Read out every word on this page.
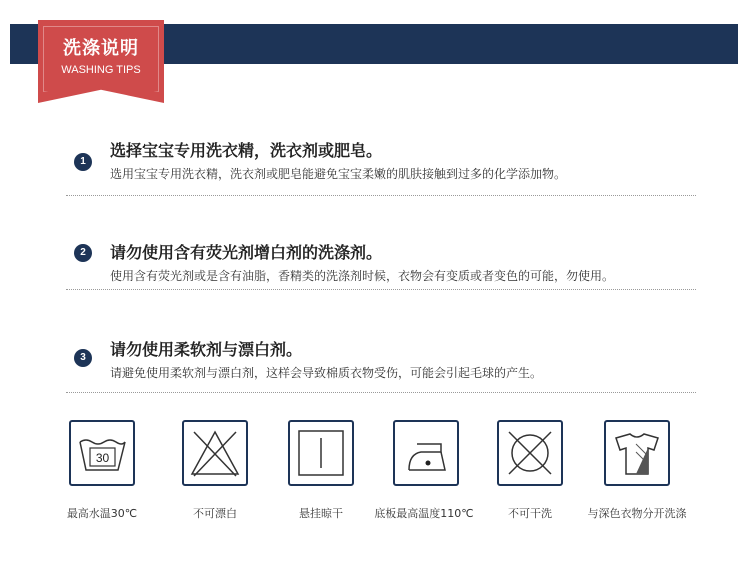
洗涤说明
WASHING TIPS
1
选择宝宝专用洗衣精，洗衣剂或肥皂。
选用宝宝专用洗衣精，洗衣剂或肥皂能避免宝宝柔嫩的肌肤接触到过多的化学添加物。
2	请勿使用含有荧光剂增白剂的洗涤剂。
使用含有荧光剂或是含有油脂，香精类的洗涤剂时候，衣物会有变质或者变色的可能，勿使用。
3	请勿使用柔软剂与漂白剂。
请避免使用柔软剂与漂白剂，这样会导致棉质衣物受伤，可能会引起毛球的产生。
30
最高水温30℃	不可漂白	悬挂晾干	底板最高温度110℃	不可干洗	与深色衣物分开洗涤
